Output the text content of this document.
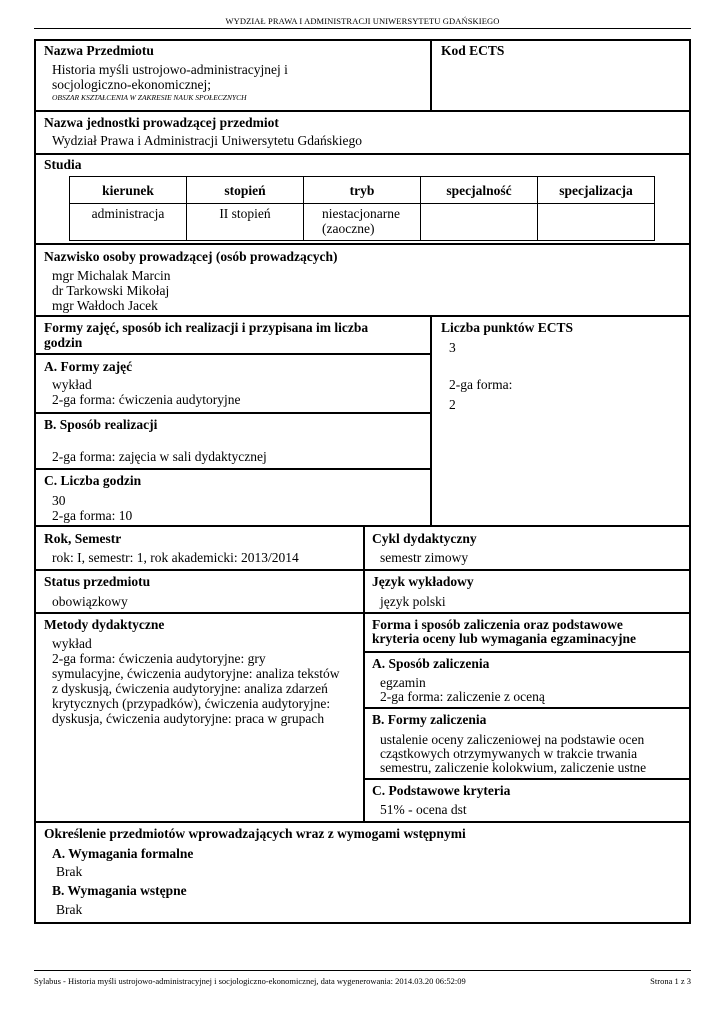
WYDZIAŁ PRAWA I ADMINISTRACJI UNIWERSYTETU GDAŃSKIEGO
Nazwa Przedmiotu
Historia myśli ustrojowo-administracyjnej i
socjologiczno-ekonomicznej;
OBSZAR KSZTAŁCENIA W ZAKRESIE NAUK SPOŁECZNYCH
Kod ECTS
Nazwa jednostki prowadzącej przedmiot
Wydział Prawa i Administracji Uniwersytetu Gdańskiego
Studia
kierunek	stopień	tryb	specjalność	specjalizacja
administracja	II stopień	niestacjonarne
(zaoczne)		
Nazwisko osoby prowadzącej (osób prowadzących)
mgr Michalak Marcin
dr Tarkowski Mikołaj
mgr Wałdoch Jacek
Formy zajęć, sposób ich realizacji i przypisana im liczba
godzin
A. Formy zajęć
wykład
2-ga forma: ćwiczenia audytoryjne
B. Sposób realizacji
2-ga forma: zajęcia w sali dydaktycznej
C. Liczba godzin
30
2-ga forma: 10
Liczba punktów ECTS
3
2-ga forma:
2
Rok, Semestr
rok: I, semestr: 1, rok akademicki: 2013/2014
Cykl dydaktyczny
semestr zimowy
Status przedmiotu
obowiązkowy
Język wykładowy
język polski
Metody dydaktyczne
wykład
2-ga forma: ćwiczenia audytoryjne: gry
symulacyjne, ćwiczenia audytoryjne: analiza tekstów
z dyskusją, ćwiczenia audytoryjne: analiza zdarzeń
krytycznych (przypadków), ćwiczenia audytoryjne:
dyskusja, ćwiczenia audytoryjne: praca w grupach
Forma i sposób zaliczenia oraz podstawowe
kryteria oceny lub wymagania egzaminacyjne
A. Sposób zaliczenia
egzamin
2-ga forma: zaliczenie z oceną
B. Formy zaliczenia
ustalenie oceny zaliczeniowej na podstawie ocen
cząstkowych otrzymywanych w trakcie trwania
semestru, zaliczenie kolokwium, zaliczenie ustne
C. Podstawowe kryteria
51% - ocena dst
Określenie przedmiotów wprowadzających wraz z wymogami wstępnymi
A. Wymagania formalne
Brak
B. Wymagania wstępne
Brak
Sylabus - Historia myśli ustrojowo-administracyjnej i socjologiczno-ekonomicznej, data wygenerowania: 2014.03.20 06:52:09	Strona 1 z 3
